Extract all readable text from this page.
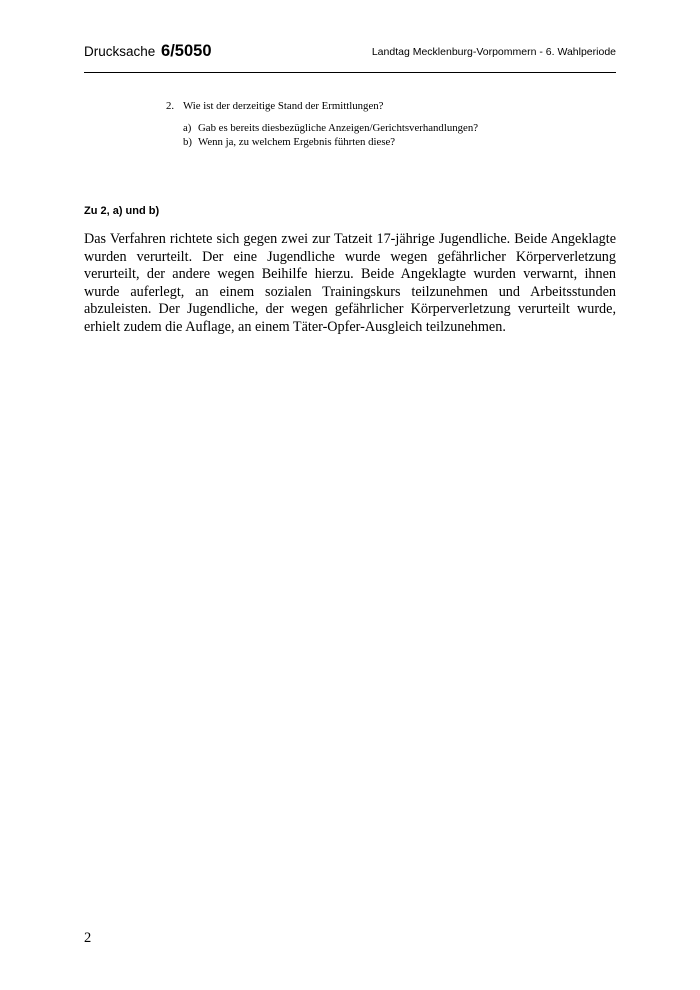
Drucksache 6/5050	Landtag Mecklenburg-Vorpommern - 6. Wahlperiode
2. Wie ist der derzeitige Stand der Ermittlungen?
a) Gab es bereits diesbezügliche Anzeigen/Gerichtsverhandlungen?
b) Wenn ja, zu welchem Ergebnis führten diese?
Zu 2, a) und b)

Das Verfahren richtete sich gegen zwei zur Tatzeit 17-jährige Jugendliche. Beide Angeklagte wurden verurteilt. Der eine Jugendliche wurde wegen gefährlicher Körperverletzung verurteilt, der andere wegen Beihilfe hierzu. Beide Angeklagte wurden verwarnt, ihnen wurde auferlegt, an einem sozialen Trainingskurs teilzunehmen und Arbeitsstunden abzuleisten. Der Jugendliche, der wegen gefährlicher Körperverletzung verurteilt wurde, erhielt zudem die Auflage, an einem Täter-Opfer-Ausgleich teilzunehmen.

2
